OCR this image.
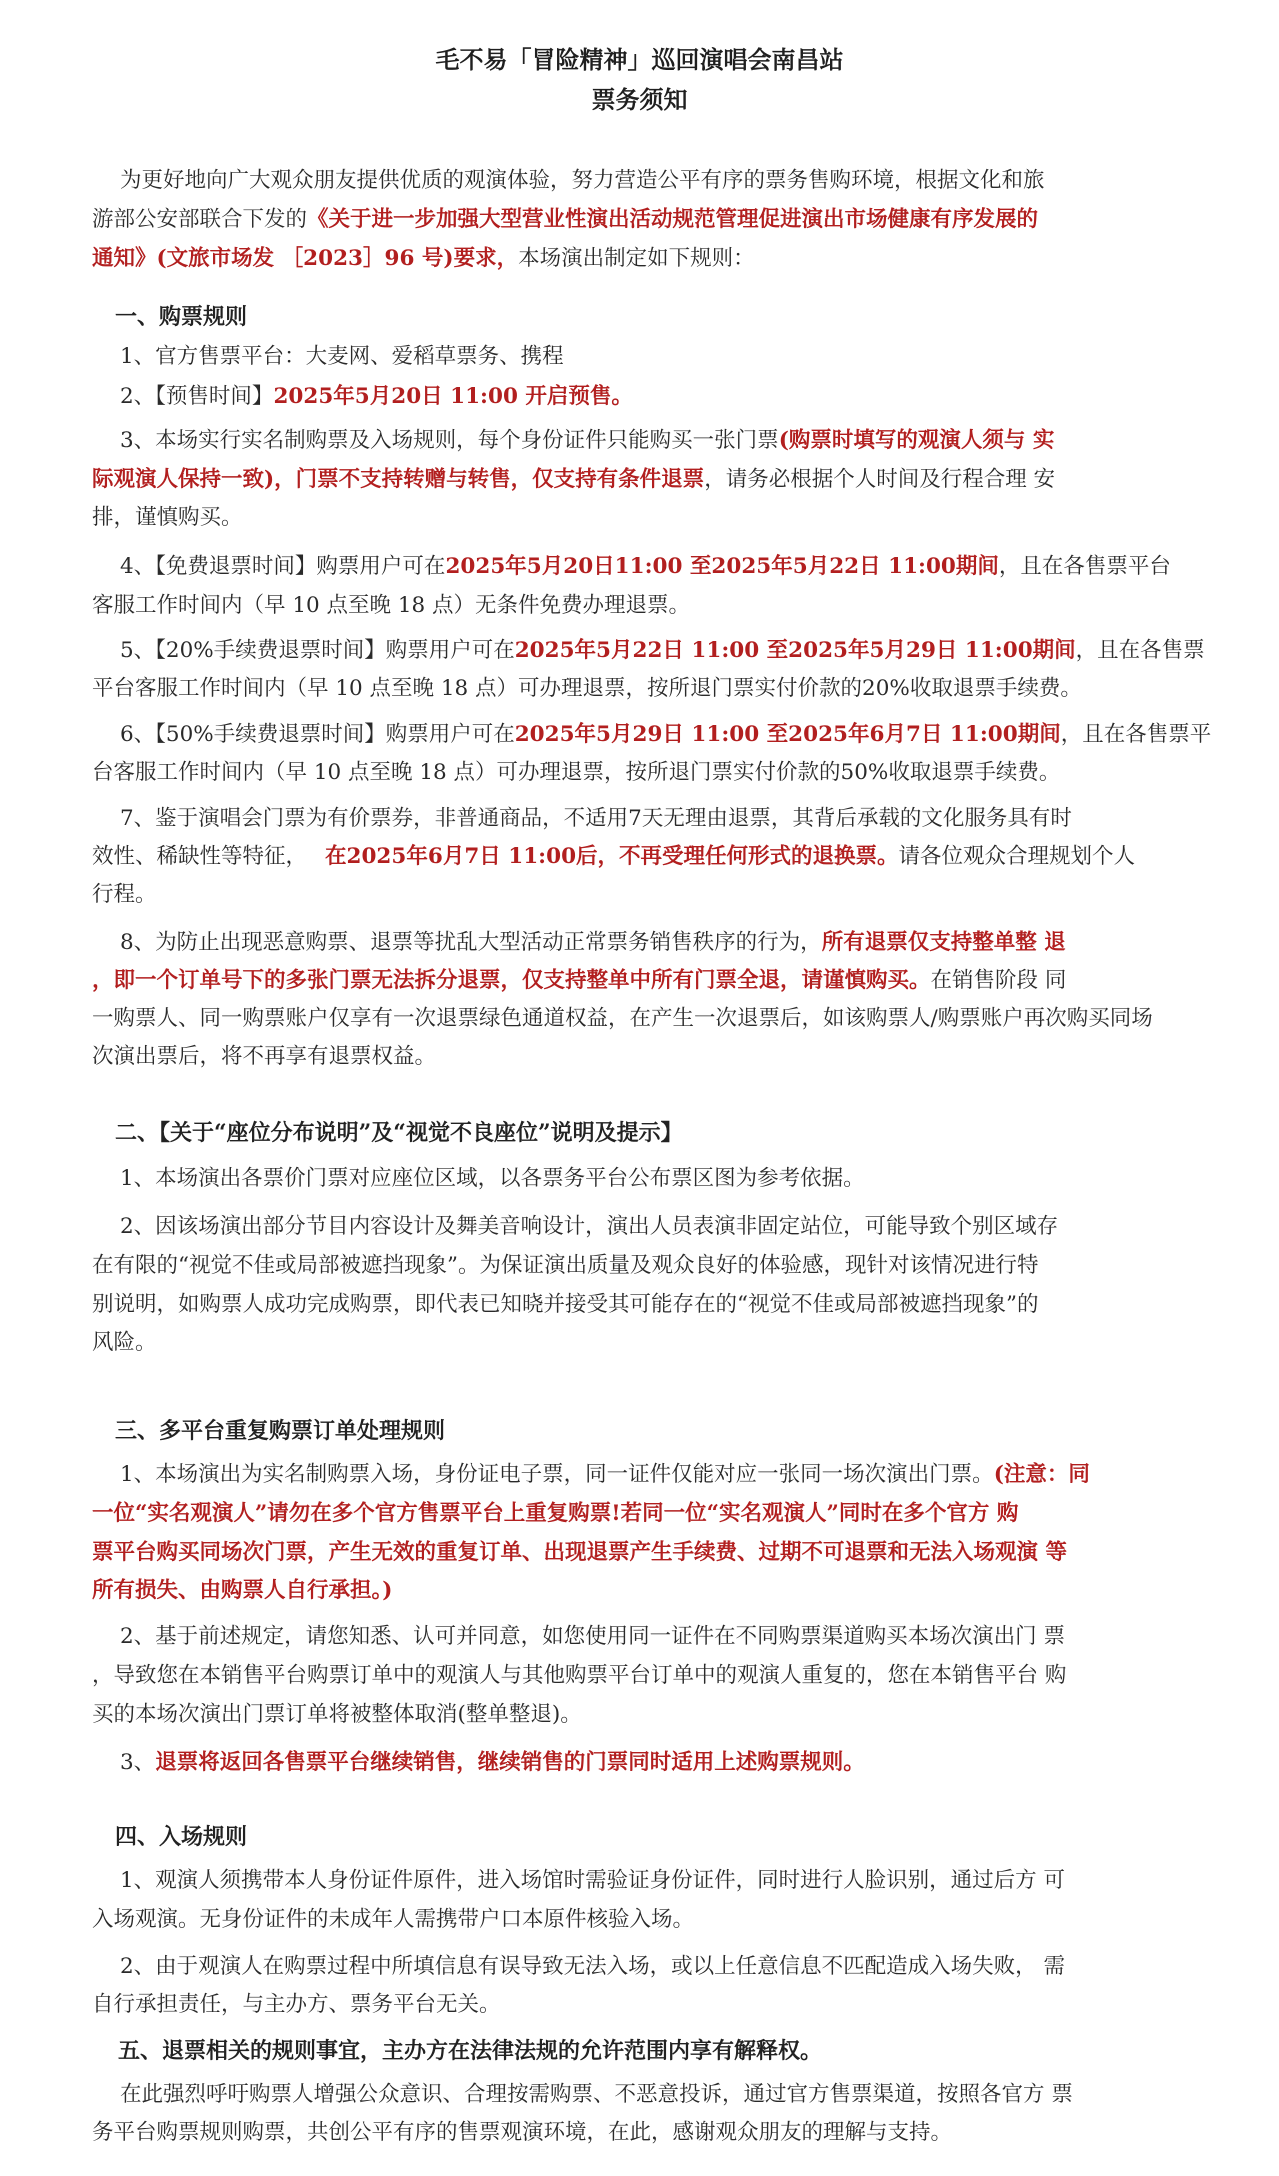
毛不易「冒险精神」巡回演唱会南昌站
票务须知
为更好地向广大观众朋友提供优质的观演体验，努力营造公平有序的票务售购环境，根据文化和旅
游部公安部联合下发的《关于进一步加强大型营业性演出活动规范管理促进演出市场健康有序发展的
通知》(文旅市场发 ［2023］96 号)要求，本场演出制定如下规则：
一、购票规则
1、官方售票平台：大麦网、爱稻草票务、携程
2、【预售时间】2025年5月20日 11:00 开启预售。
3、本场实行实名制购票及入场规则，每个身份证件只能购买一张门票(购票时填写的观演人须与 实
际观演人保持一致)，门票不支持转赠与转售，仅支持有条件退票，请务必根据个人时间及行程合理 安
排，谨慎购买。
4、【免费退票时间】购票用户可在2025年5月20日11:00 至2025年5月22日 11:00期间，且在各售票平台
客服工作时间内（早 10 点至晚 18 点）无条件免费办理退票。
5、【20%手续费退票时间】购票用户可在2025年5月22日 11:00 至2025年5月29日 11:00期间，且在各售票
平台客服工作时间内（早 10 点至晚 18 点）可办理退票，按所退门票实付价款的20%收取退票手续费。
6、【50%手续费退票时间】购票用户可在2025年5月29日 11:00 至2025年6月7日 11:00期间，且在各售票平
台客服工作时间内（早 10 点至晚 18 点）可办理退票，按所退门票实付价款的50%收取退票手续费。
7、鉴于演唱会门票为有价票券，非普通商品，不适用7天无理由退票，其背后承载的文化服务具有时
效性、稀缺性等特征， 在2025年6月7日 11:00后，不再受理任何形式的退换票。请各位观众合理规划个人
行程。
8、为防止出现恶意购票、退票等扰乱大型活动正常票务销售秩序的行为，所有退票仅支持整单整 退
，即一个订单号下的多张门票无法拆分退票，仅支持整单中所有门票全退，请谨慎购买。在销售阶段 同
一购票人、同一购票账户仅享有一次退票绿色通道权益，在产生一次退票后，如该购票人/购票账户再次购买同场
次演出票后，将不再享有退票权益。
二、【关于“座位分布说明”及“视觉不良座位”说明及提示】
1、本场演出各票价门票对应座位区域，以各票务平台公布票区图为参考依据。
2、因该场演出部分节目内容设计及舞美音响设计，演出人员表演非固定站位，可能导致个别区域存
在有限的“视觉不佳或局部被遮挡现象”。为保证演出质量及观众良好的体验感，现针对该情况进行特
别说明，如购票人成功完成购票，即代表已知晓并接受其可能存在的“视觉不佳或局部被遮挡现象”的
风险。
三、多平台重复购票订单处理规则
1、本场演出为实名制购票入场，身份证电子票，同一证件仅能对应一张同一场次演出门票。(注意：同
一位“实名观演人”请勿在多个官方售票平台上重复购票!若同一位“实名观演人”同时在多个官方 购
票平台购买同场次门票，产生无效的重复订单、出现退票产生手续费、过期不可退票和无法入场观演 等
所有损失、由购票人自行承担。)
2、基于前述规定，请您知悉、认可并同意，如您使用同一证件在不同购票渠道购买本场次演出门 票
，导致您在本销售平台购票订单中的观演人与其他购票平台订单中的观演人重复的，您在本销售平台 购
买的本场次演出门票订单将被整体取消(整单整退)。
3、退票将返回各售票平台继续销售，继续销售的门票同时适用上述购票规则。
四、入场规则
1、观演人须携带本人身份证件原件，进入场馆时需验证身份证件，同时进行人脸识别，通过后方 可
入场观演。无身份证件的未成年人需携带户口本原件核验入场。
2、由于观演人在购票过程中所填信息有误导致无法入场，或以上任意信息不匹配造成入场失败， 需
自行承担责任，与主办方、票务平台无关。
五、退票相关的规则事宜，主办方在法律法规的允许范围内享有解释权。
在此强烈呼吁购票人增强公众意识、合理按需购票、不恶意投诉，通过官方售票渠道，按照各官方 票
务平台购票规则购票，共创公平有序的售票观演环境，在此，感谢观众朋友的理解与支持。
